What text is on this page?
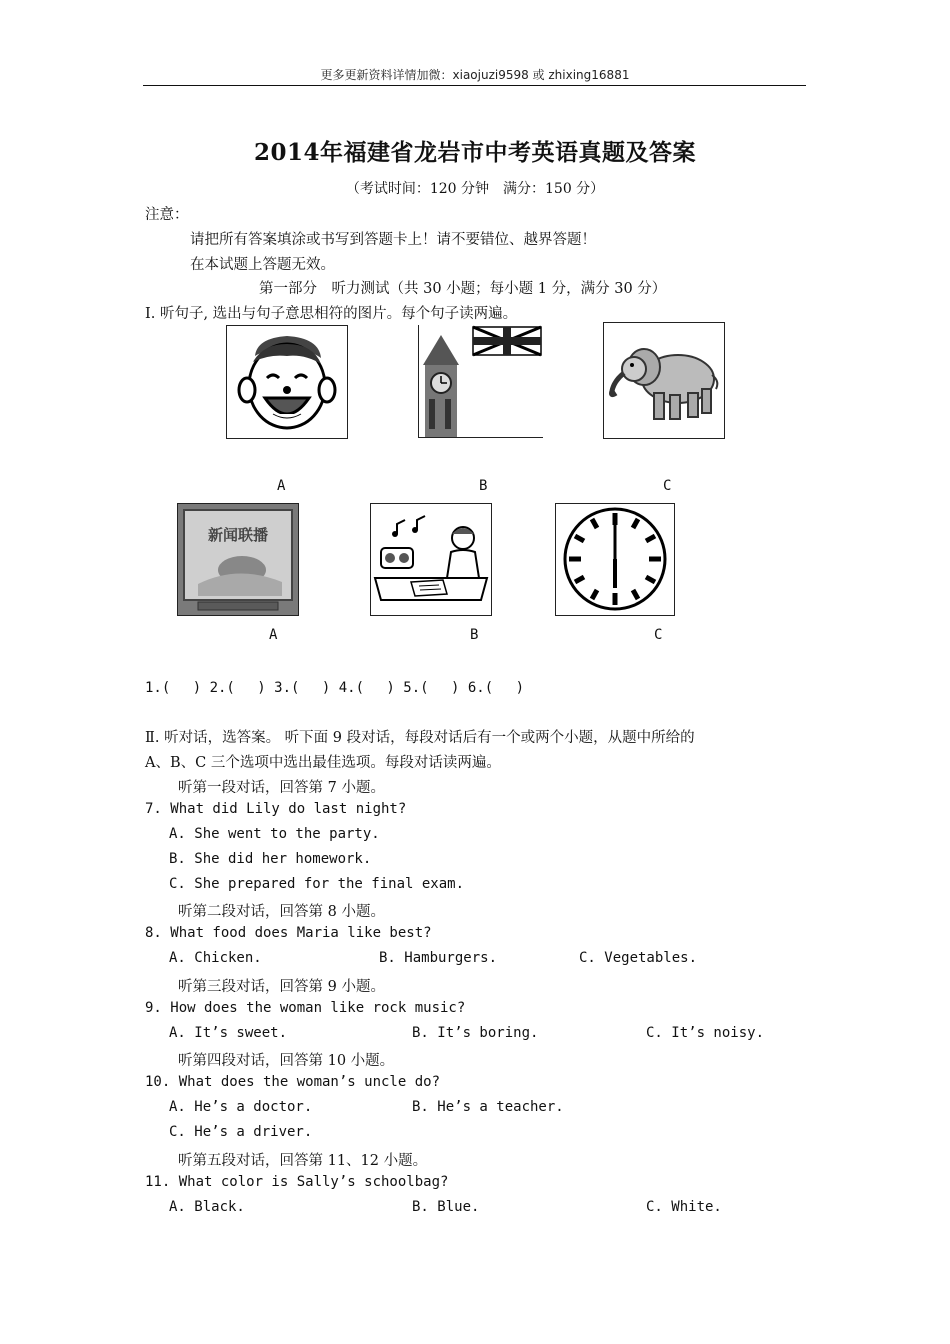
更多更新资料详情加微：xiaojuzi9598 或 zhixing16881
2014年福建省龙岩市中考英语真题及答案
（考试时间：120 分钟　满分：150 分）
注意：
请把所有答案填涂或书写到答题卡上！请不要错位、越界答题！
在本试题上答题无效。
第一部分　听力测试（共 30 小题；每小题 1 分，满分 30 分）
Ⅰ. 听句子, 选出与句子意思相符的图片。每个句子读两遍。
A	B	C
新闻联播
A	B	C
1.(　 ) 2.(　 ) 3.(　 ) 4.(　 ) 5.(　 ) 6.(　 )
Ⅱ. 听对话，选答案。 听下面 9 段对话，每段对话后有一个或两个小题，从题中所给的
A、B、C 三个选项中选出最佳选项。每段对话读两遍。
听第一段对话，回答第 7 小题。
7. What did Lily do last night?
A. She went to the party.
B. She did her homework.
C. She prepared for the final exam.
听第二段对话，回答第 8 小题。
8. What food does Maria like best?
A. Chicken.	B. Hamburgers.	C. Vegetables.
听第三段对话，回答第 9 小题。
9. How does the woman like rock music?
A. It’s sweet.	B. It’s boring.	C. It’s noisy.
听第四段对话，回答第 10 小题。
10. What does the woman’s uncle do?
A. He’s a doctor.	B. He’s a teacher.
C. He’s a driver.
听第五段对话，回答第 11、12 小题。
11. What color is Sally’s schoolbag?
A. Black.	B. Blue.	C. White.
